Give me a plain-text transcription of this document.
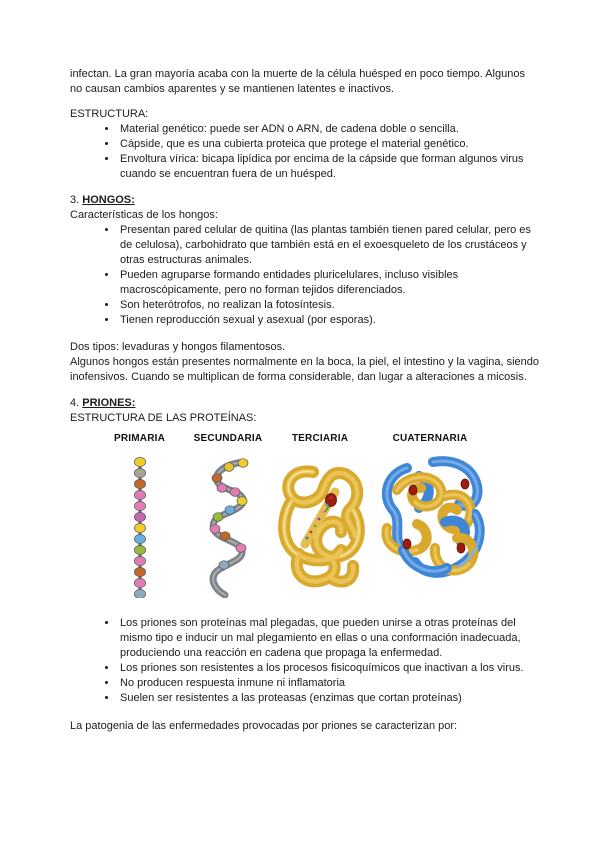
infectan. La gran mayoría acaba con la muerte de la célula huésped en poco tiempo. Algunos no causan cambios aparentes y se mantienen latentes e inactivos.

ESTRUCTURA:

• Material genético: puede ser ADN o ARN, de cadena doble o sencilla.
• Cápside, que es una cubierta proteica que protege el material genético.
• Envoltura vírica: bicapa lipídica por encima de la cápside que forman algunos virus cuando se encuentran fuera de un huésped.

3. HONGOS:

Características de los hongos:

• Presentan pared celular de quitina (las plantas también tienen pared celular, pero es de celulosa), carbohidrato que también está en el exoesqueleto de los crustáceos y otras estructuras animales.
• Pueden agruparse formando entidades pluricelulares, incluso visibles macroscópicamente, pero no forman tejidos diferenciados.
• Son heterótrofos, no realizan la fotosíntesis.
• Tienen reproducción sexual y asexual (por esporas).

Dos tipos: levaduras y hongos filamentosos.

Algunos hongos están presentes normalmente en la boca, la piel, el intestino y la vagina, siendo inofensivos. Cuando se multiplican de forma considerable, dan lugar a alteraciones a micosis.

4. PRIONES:

ESTRUCTURA DE LAS PROTEÍNAS:

PRIMARIA	SECUNDARIA	TERCIARIA	CUATERNARIA
• Los priones son proteínas mal plegadas, que pueden unirse a otras proteínas del mismo tipo e inducir un mal plegamiento en ellas o una conformación inadecuada, produciendo una reacción en cadena que propaga la enfermedad.
• Los priones son resistentes a los procesos fisicoquímicos que inactivan a los virus.
• No producen respuesta inmune ni inflamatoria
• Suelen ser resistentes a las proteasas (enzimas que cortan proteínas)

La patogenia de las enfermedades provocadas por priones se caracterizan por:
